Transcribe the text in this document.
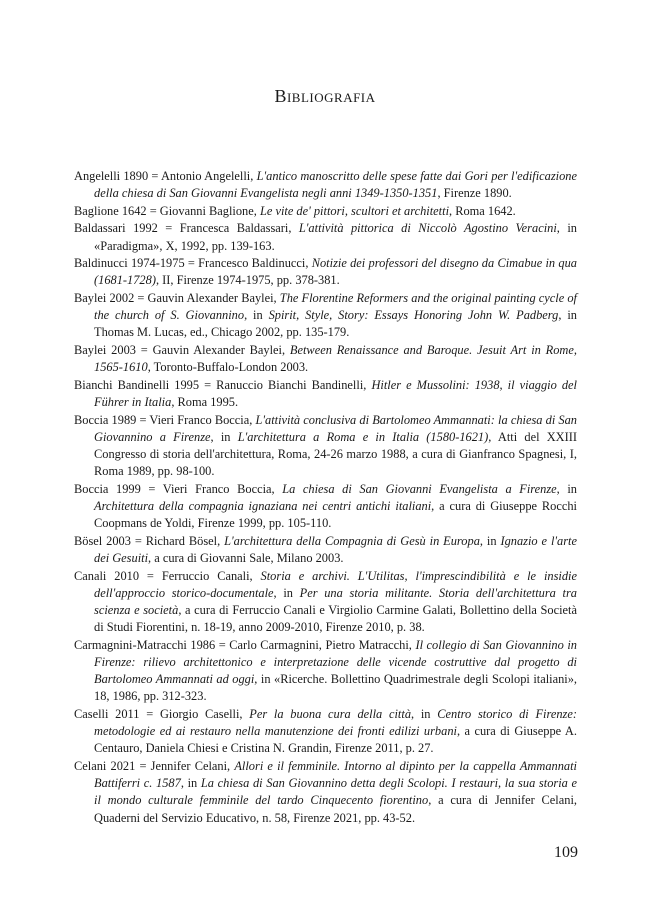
Bibliografia

Angelelli 1890 = Antonio Angelelli, L'antico manoscritto delle spese fatte dai Gori per l'edificazione della chiesa di San Giovanni Evangelista negli anni 1349-1350-1351, Firenze 1890.

Baglione 1642 = Giovanni Baglione, Le vite de' pittori, scultori et architetti, Roma 1642.

Baldassari 1992 = Francesca Baldassari, L'attività pittorica di Niccolò Agostino Veracini, in «Paradigma», X, 1992, pp. 139-163.

Baldinucci 1974-1975 = Francesco Baldinucci, Notizie dei professori del disegno da Cimabue in qua (1681-1728), II, Firenze 1974-1975, pp. 378-381.

Baylei 2002 = Gauvin Alexander Baylei, The Florentine Reformers and the original painting cycle of the church of S. Giovannino, in Spirit, Style, Story: Essays Honoring John W. Padberg, in Thomas M. Lucas, ed., Chicago 2002, pp. 135-179.

Baylei 2003 = Gauvin Alexander Baylei, Between Renaissance and Baroque. Jesuit Art in Rome, 1565-1610, Toronto-Buffalo-London 2003.

Bianchi Bandinelli 1995 = Ranuccio Bianchi Bandinelli, Hitler e Mussolini: 1938, il viaggio del Führer in Italia, Roma 1995.

Boccia 1989 = Vieri Franco Boccia, L'attività conclusiva di Bartolomeo Ammannati: la chiesa di San Giovannino a Firenze, in L'architettura a Roma e in Italia (1580-1621), Atti del XXIII Congresso di storia dell'architettura, Roma, 24-26 marzo 1988, a cura di Gianfranco Spagnesi, I, Roma 1989, pp. 98-100.

Boccia 1999 = Vieri Franco Boccia, La chiesa di San Giovanni Evangelista a Firenze, in Architettura della compagnia ignaziana nei centri antichi italiani, a cura di Giuseppe Rocchi Coopmans de Yoldi, Firenze 1999, pp. 105-110.

Bösel 2003 = Richard Bösel, L'architettura della Compagnia di Gesù in Europa, in Ignazio e l'arte dei Gesuiti, a cura di Giovanni Sale, Milano 2003.

Canali 2010 = Ferruccio Canali, Storia e archivi. L'Utilitas, l'imprescindibilità e le insidie dell'approccio storico-documentale, in Per una storia militante. Storia dell'architettura tra scienza e società, a cura di Ferruccio Canali e Virgiolio Carmine Galati, Bollettino della Società di Studi Fiorentini, n. 18-19, anno 2009-2010, Firenze 2010, p. 38.

Carmagnini-Matracchi 1986 = Carlo Carmagnini, Pietro Matracchi, Il collegio di San Giovannino in Firenze: rilievo architettonico e interpretazione delle vicende costruttive dal progetto di Bartolomeo Ammannati ad oggi, in «Ricerche. Bollettino Quadrimestrale degli Scolopi italiani», 18, 1986, pp. 312-323.

Caselli 2011 = Giorgio Caselli, Per la buona cura della città, in Centro storico di Firenze: metodologie ed ai restauro nella manutenzione dei fronti edilizi urbani, a cura di Giuseppe A. Centauro, Daniela Chiesi e Cristina N. Grandin, Firenze 2011, p. 27.

Celani 2021 = Jennifer Celani, Allori e il femminile. Intorno al dipinto per la cappella Ammannati Battiferri c. 1587, in La chiesa di San Giovannino detta degli Scolopi. I restauri, la sua storia e il mondo culturale femminile del tardo Cinquecento fiorentino, a cura di Jennifer Celani, Quaderni del Servizio Educativo, n. 58, Firenze 2021, pp. 43-52.

109
